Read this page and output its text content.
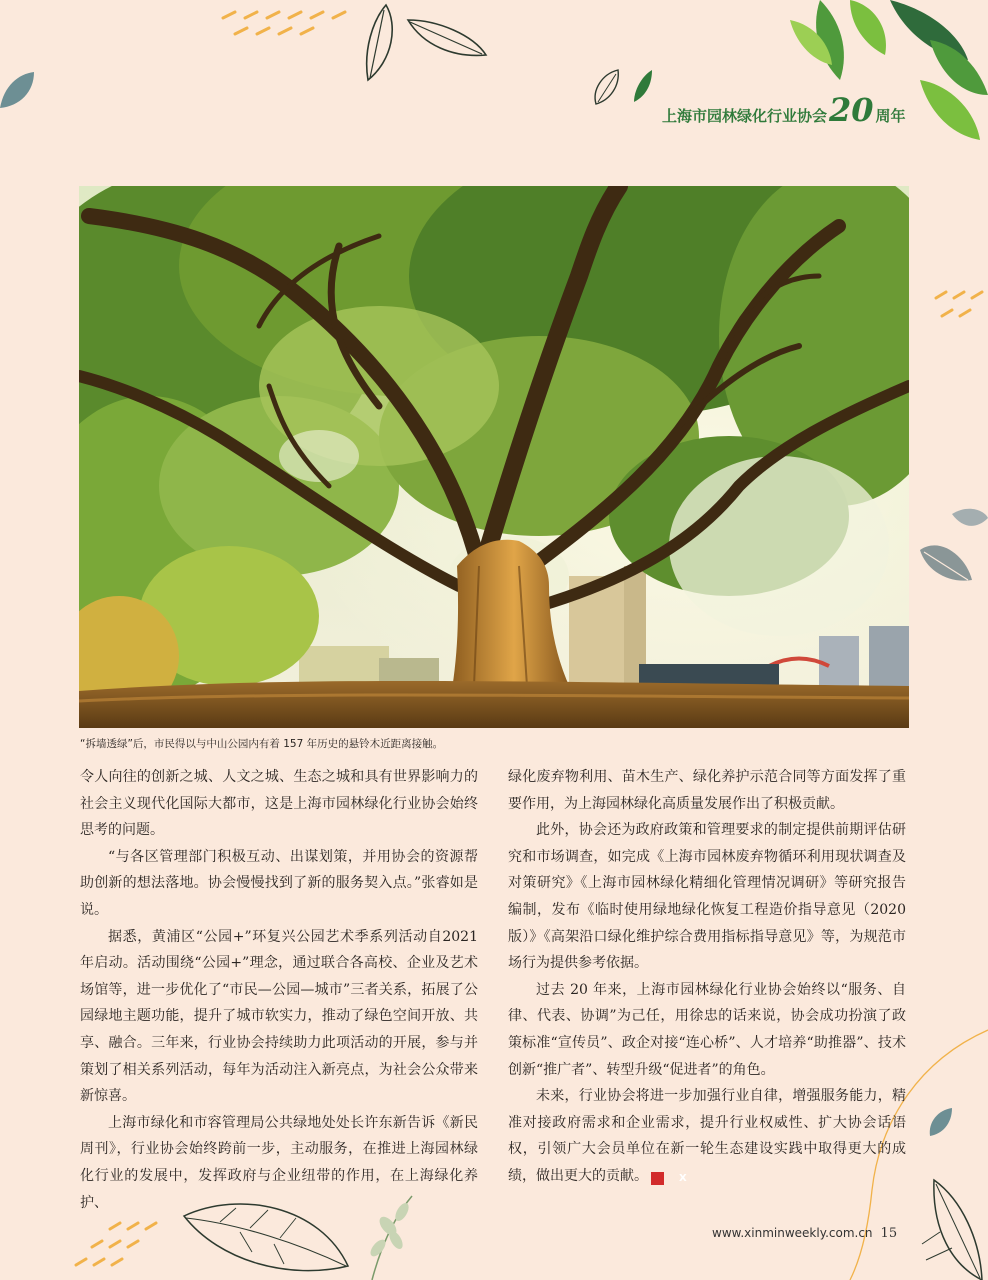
上海市园林绿化行业协会 20 周年
“拆墙透绿”后，市民得以与中山公园内有着 157 年历史的悬铃木近距离接触。

令人向往的创新之城、人文之城、生态之城和具有世界影响力的社会主义现代化国际大都市，这是上海市园林绿化行业协会始终思考的问题。

“与各区管理部门积极互动、出谋划策，并用协会的资源帮助创新的想法落地。协会慢慢找到了新的服务契入点。”张睿如是说。

据悉，黄浦区“公园+”环复兴公园艺术季系列活动自2021 年启动。活动围绕“公园+”理念，通过联合各高校、企业及艺术场馆等，进一步优化了“市民—公园—城市”三者关系，拓展了公园绿地主题功能，提升了城市软实力，推动了绿色空间开放、共享、融合。三年来，行业协会持续助力此项活动的开展，参与并策划了相关系列活动，每年为活动注入新亮点，为社会公众带来新惊喜。

上海市绿化和市容管理局公共绿地处处长许东新告诉《新民周刊》，行业协会始终跨前一步，主动服务，在推进上海园林绿化行业的发展中，发挥政府与企业纽带的作用，在上海绿化养护、

绿化废弃物利用、苗木生产、绿化养护示范合同等方面发挥了重要作用，为上海园林绿化高质量发展作出了积极贡献。

此外，协会还为政府政策和管理要求的制定提供前期评估研究和市场调查，如完成《上海市园林废弃物循环利用现状调查及对策研究》《上海市园林绿化精细化管理情况调研》等研究报告编制，发布《临时使用绿地绿化恢复工程造价指导意见（2020 版）》《高架沿口绿化维护综合费用指标指导意见》等，为规范市场行为提供参考依据。

过去 20 年来，上海市园林绿化行业协会始终以“服务、自律、代表、协调”为己任，用徐忠的话来说，协会成功扮演了政策标准“宣传员”、政企对接“连心桥”、人才培养“助推器”、技术创新“推广者”、转型升级“促进者”的角色。

未来，行业协会将进一步加强行业自律，增强服务能力，精准对接政府需求和企业需求，提升行业权威性、扩大协会话语权，引领广大会员单位在新一轮生态建设实践中取得更大的成绩，做出更大的贡献。	X

www.xinminweekly.com.cn 15
